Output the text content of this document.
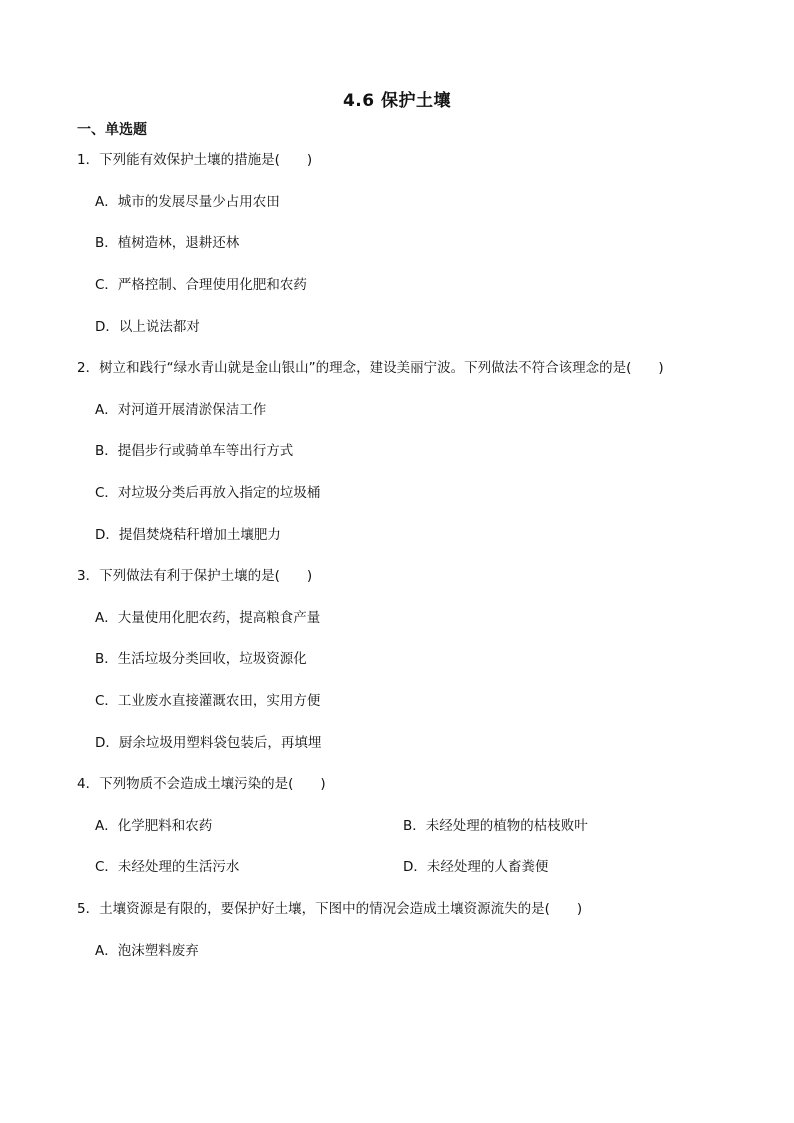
4.6 保护土壤
一、单选题
1．下列能有效保护土壤的措施是(　　)
A．城市的发展尽量少占用农田
B．植树造林，退耕还林
C．严格控制、合理使用化肥和农药
D．以上说法都对
2．树立和践行“绿水青山就是金山银山”的理念，建设美丽宁波。下列做法不符合该理念的是(　　)
A．对河道开展清淤保洁工作
B．提倡步行或骑单车等出行方式
C．对垃圾分类后再放入指定的垃圾桶
D．提倡焚烧秸秆增加土壤肥力
3．下列做法有利于保护土壤的是(　　)
A．大量使用化肥农药，提高粮食产量
B．生活垃圾分类回收，垃圾资源化
C．工业废水直接灌溉农田，实用方便
D．厨余垃圾用塑料袋包装后，再填埋
4．下列物质不会造成土壤污染的是(　　)
A．化学肥料和农药	B．未经处理的植物的枯枝败叶
C．未经处理的生活污水	D．未经处理的人畜粪便
5．土壤资源是有限的，要保护好土壤，下图中的情况会造成土壤资源流失的是(　　)
A．泡沫塑料废弃
